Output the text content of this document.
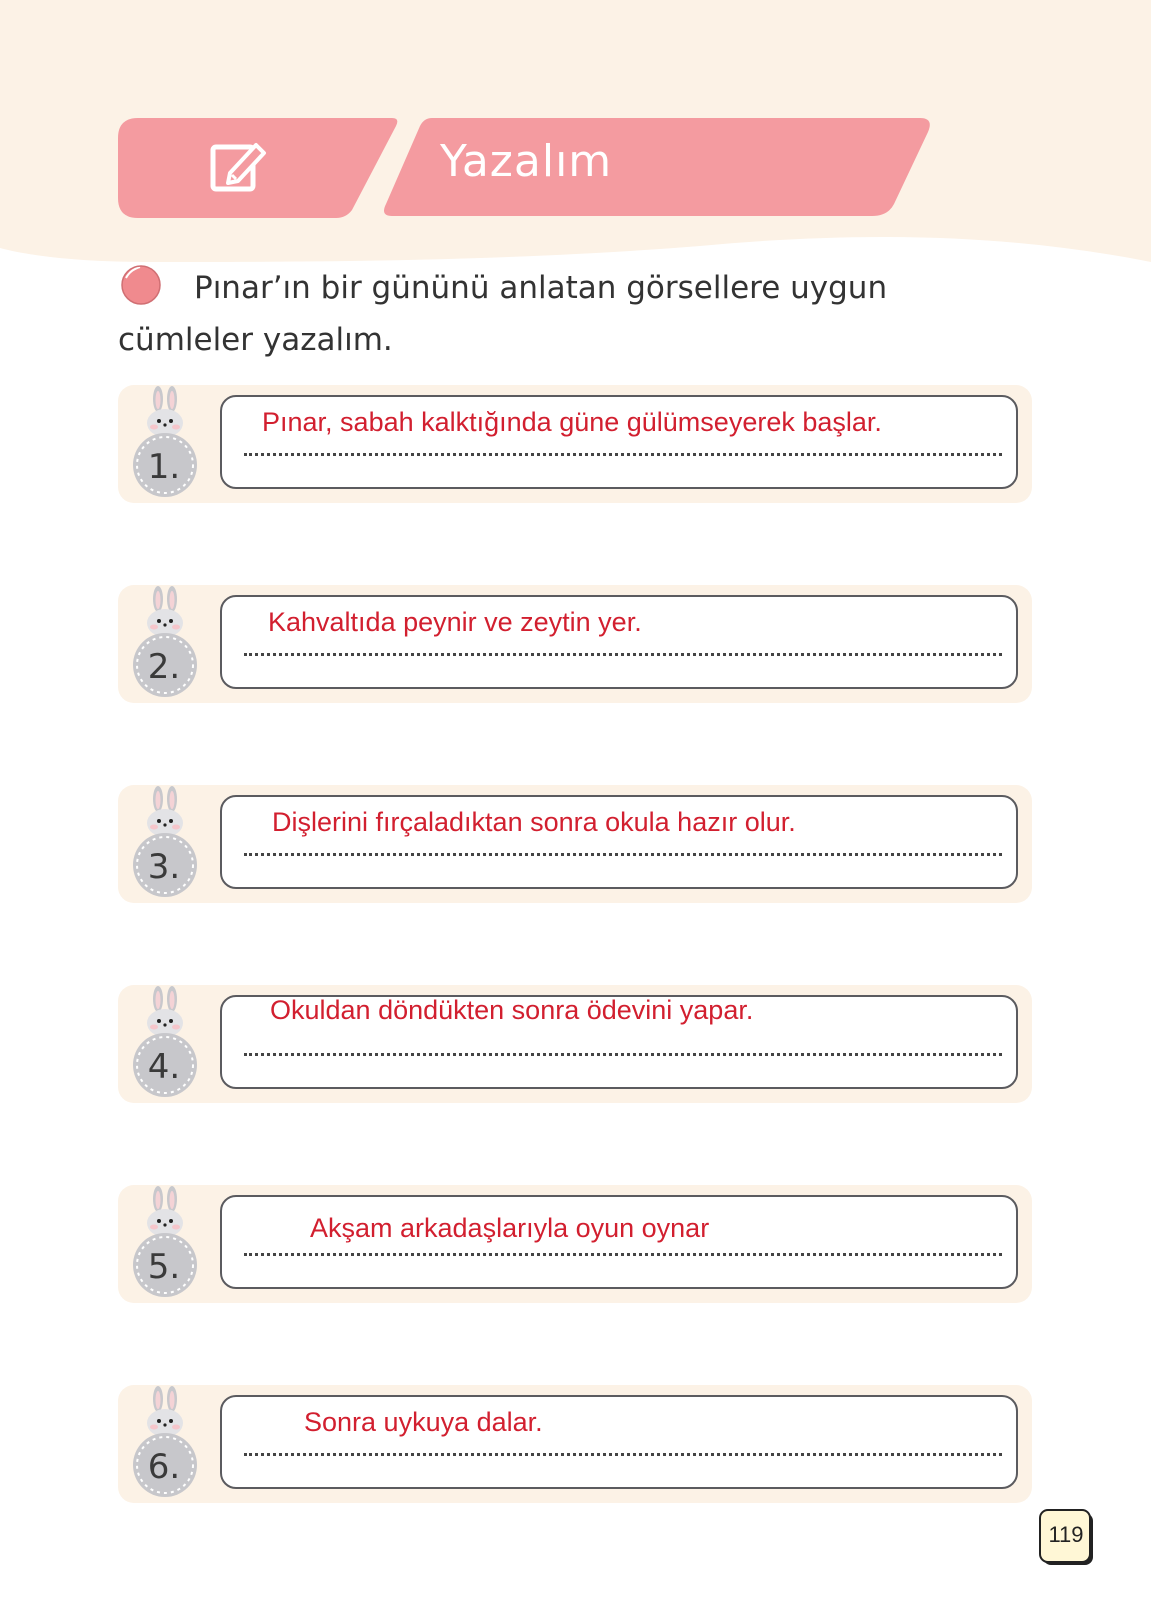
Yazalım

Pınar’ın bir gününü anlatan görsellere uygun cümleler yazalım.

1.
Pınar, sabah kalktığında güne gülümseyerek başlar.
2.
Kahvaltıda peynir ve zeytin yer.
3.
Dişlerini fırçaladıktan sonra okula hazır olur.
4.
Okuldan döndükten sonra ödevini yapar.
5.
Akşam arkadaşlarıyla oyun oynar
6.
Sonra uykuya dalar.
119
